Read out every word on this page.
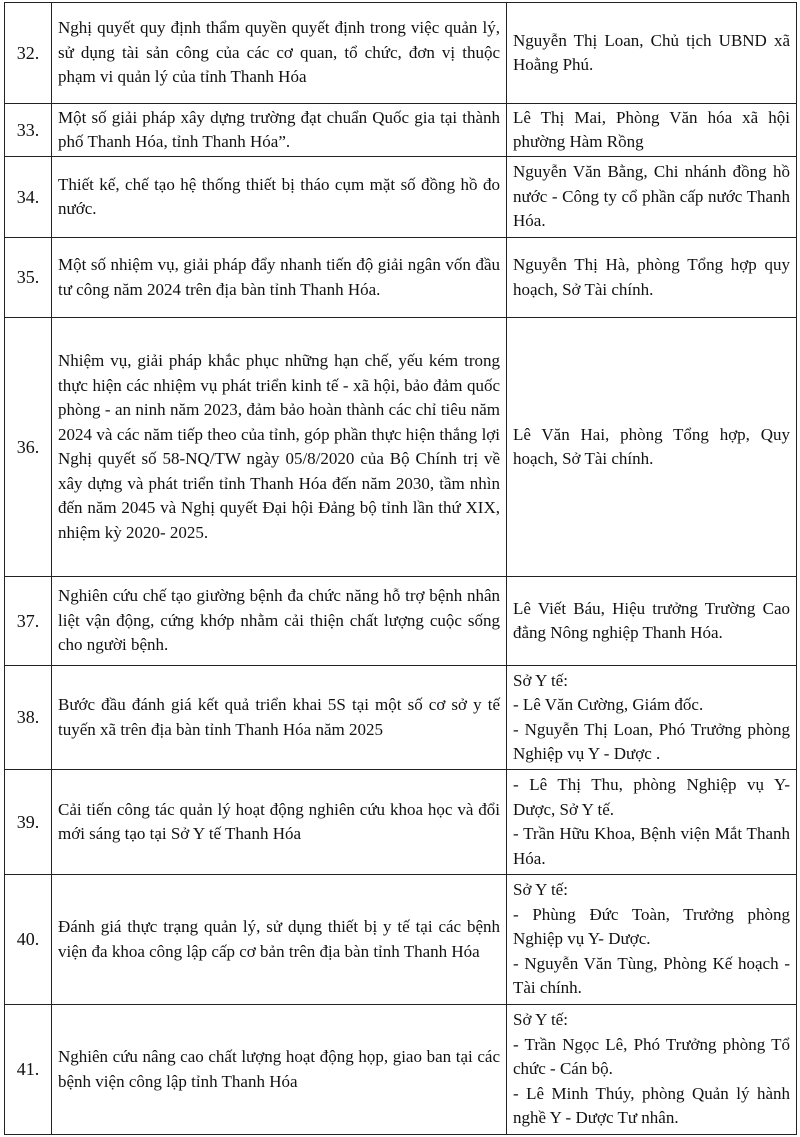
32.	Nghị quyết quy định thẩm quyền quyết định trong việc quản lý, sử dụng tài sản công của các cơ quan, tổ chức, đơn vị thuộc phạm vi quản lý của tỉnh Thanh Hóa	Nguyễn Thị Loan, Chủ tịch UBND xã Hoằng Phú.

33.	Một số giải pháp xây dựng trường đạt chuẩn Quốc gia tại thành phố Thanh Hóa, tỉnh Thanh Hóa”.	Lê Thị Mai, Phòng Văn hóa xã hội phường Hàm Rồng

34.	Thiết kế, chế tạo hệ thống thiết bị tháo cụm mặt số đồng hồ đo nước.	Nguyễn Văn Bằng, Chi nhánh đồng hồ nước - Công ty cổ phần cấp nước Thanh Hóa.

35.	Một số nhiệm vụ, giải pháp đẩy nhanh tiến độ giải ngân vốn đầu tư công năm 2024 trên địa bàn tỉnh Thanh Hóa.	Nguyễn Thị Hà, phòng Tổng hợp quy hoạch, Sở Tài chính.

36.	Nhiệm vụ, giải pháp khắc phục những hạn chế, yếu kém trong thực hiện các nhiệm vụ phát triển kinh tế - xã hội, bảo đảm quốc phòng - an ninh năm 2023, đảm bảo hoàn thành các chỉ tiêu năm 2024 và các năm tiếp theo của tỉnh, góp phần thực hiện thắng lợi Nghị quyết số 58-NQ/TW ngày 05/8/2020 của Bộ Chính trị về xây dựng và phát triển tỉnh Thanh Hóa đến năm 2030, tầm nhìn đến năm 2045 và Nghị quyết Đại hội Đảng bộ tỉnh lần thứ XIX, nhiệm kỳ 2020- 2025.	Lê Văn Hai, phòng Tổng hợp, Quy hoạch, Sở Tài chính.

37.	Nghiên cứu chế tạo giường bệnh đa chức năng hỗ trợ bệnh nhân liệt vận động, cứng khớp nhằm cải thiện chất lượng cuộc sống cho người bệnh.	Lê Viết Báu, Hiệu trưởng Trường Cao đẳng Nông nghiệp Thanh Hóa.

38.	Bước đầu đánh giá kết quả triển khai 5S tại một số cơ sở y tế tuyến xã trên địa bàn tỉnh Thanh Hóa năm 2025	Sở Y tế:
- Lê Văn Cường, Giám đốc.
- Nguyễn Thị Loan, Phó Trưởng phòng Nghiệp vụ Y - Dược .

39.	Cải tiến công tác quản lý hoạt động nghiên cứu khoa học và đổi mới sáng tạo tại Sở Y tế Thanh Hóa	- Lê Thị Thu, phòng Nghiệp vụ Y- Dược, Sở Y tế.
- Trần Hữu Khoa, Bệnh viện Mắt Thanh Hóa.

40.	Đánh giá thực trạng quản lý, sử dụng thiết bị y tế tại các bệnh viện đa khoa công lập cấp cơ bản trên địa bàn tỉnh Thanh Hóa	Sở Y tế:
- Phùng Đức Toàn, Trưởng phòng Nghiệp vụ Y- Dược.
- Nguyễn Văn Tùng, Phòng Kế hoạch - Tài chính.

41.	Nghiên cứu nâng cao chất lượng hoạt động họp, giao ban tại các bệnh viện công lập tỉnh Thanh Hóa	Sở Y tế:
- Trần Ngọc Lê, Phó Trưởng phòng Tổ chức - Cán bộ.
- Lê Minh Thúy, phòng Quản lý hành nghề Y - Dược Tư nhân.
